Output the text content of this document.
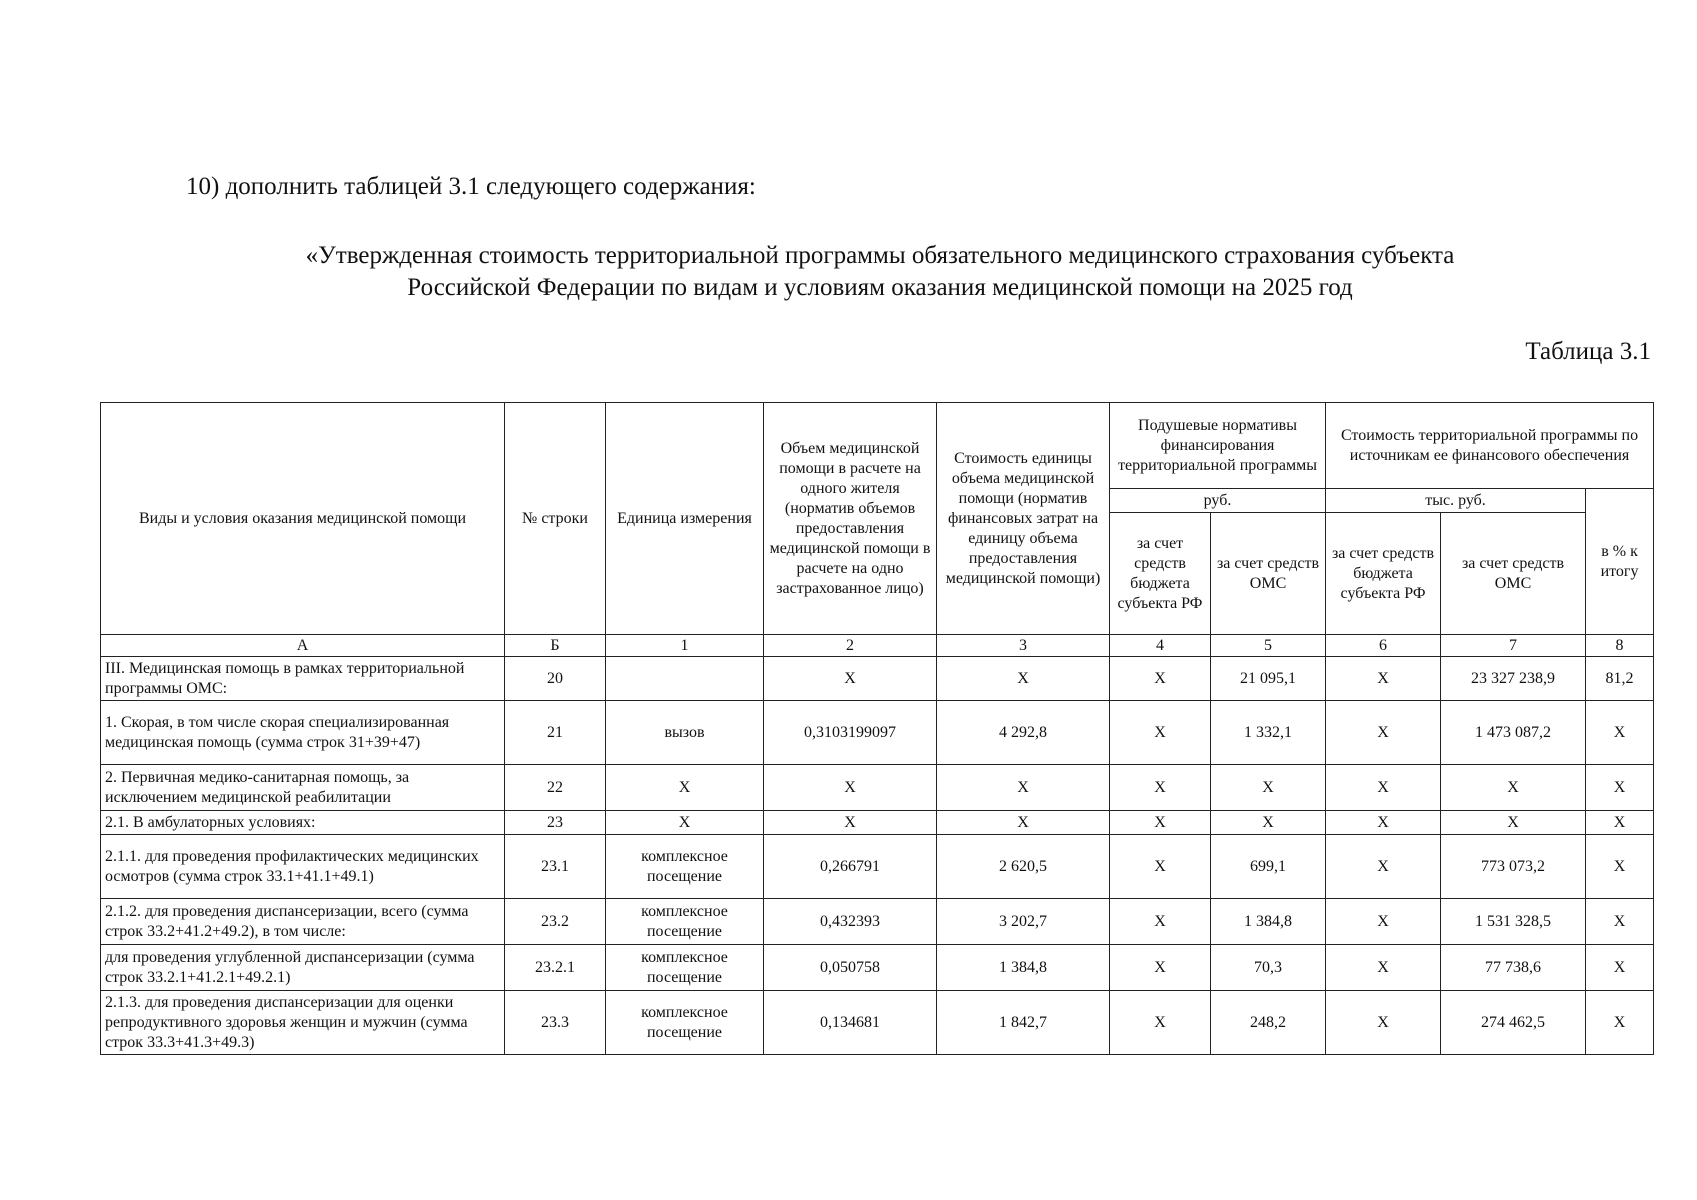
10) дополнить таблицей 3.1 следующего содержания:
«Утвержденная стоимость территориальной программы обязательного медицинского страхования субъекта
Российской Федерации по видам и условиям оказания медицинской помощи на 2025 год
Таблица 3.1
Виды и условия оказания медицинской помощи	№ строки	Единица измерения	Объем медицинской помощи в расчете на одного жителя (норматив объемов предоставления медицинской помощи в расчете на одно застрахованное лицо)	Стоимость единицы объема медицинской помощи (норматив финансовых затрат на единицу объема предоставления медицинской помощи)	Подушевые нормативы финансирования территориальной программы		Стоимость территориальной программы по источникам ее финансового обеспечения		
					руб.		тыс. руб.		в % к итогу
					за счет средств бюджета субъекта РФ	за счет средств ОМС	за счет средств бюджета субъекта РФ	за счет средств ОМС	
А	Б	1	2	3	4	5	6	7	8
III. Медицинская помощь в рамках территориальной программы ОМС:	20		X	X	X	21 095,1	X	23 327 238,9	81,2
1. Скорая, в том числе скорая специализированная медицинская помощь (сумма строк 31+39+47)	21	вызов	0,3103199097	4 292,8	X	1 332,1	X	1 473 087,2	X
2. Первичная медико-санитарная помощь, за исключением медицинской реабилитации	22	X	X	X	X	X	X	X	X
2.1. В амбулаторных условиях:	23	X	X	X	X	X	X	X	X
2.1.1. для проведения профилактических медицинских осмотров (сумма строк 33.1+41.1+49.1)	23.1	комплексное посещение	0,266791	2 620,5	X	699,1	X	773 073,2	X
2.1.2. для проведения диспансеризации, всего (сумма строк 33.2+41.2+49.2), в том числе:	23.2	комплексное посещение	0,432393	3 202,7	X	1 384,8	X	1 531 328,5	X
для проведения углубленной диспансеризации (сумма строк 33.2.1+41.2.1+49.2.1)	23.2.1	комплексное посещение	0,050758	1 384,8	X	70,3	X	77 738,6	X
2.1.3. для проведения диспансеризации для оценки репродуктивного здоровья женщин и мужчин (сумма строк 33.3+41.3+49.3)	23.3	комплексное посещение	0,134681	1 842,7	X	248,2	X	274 462,5	X
